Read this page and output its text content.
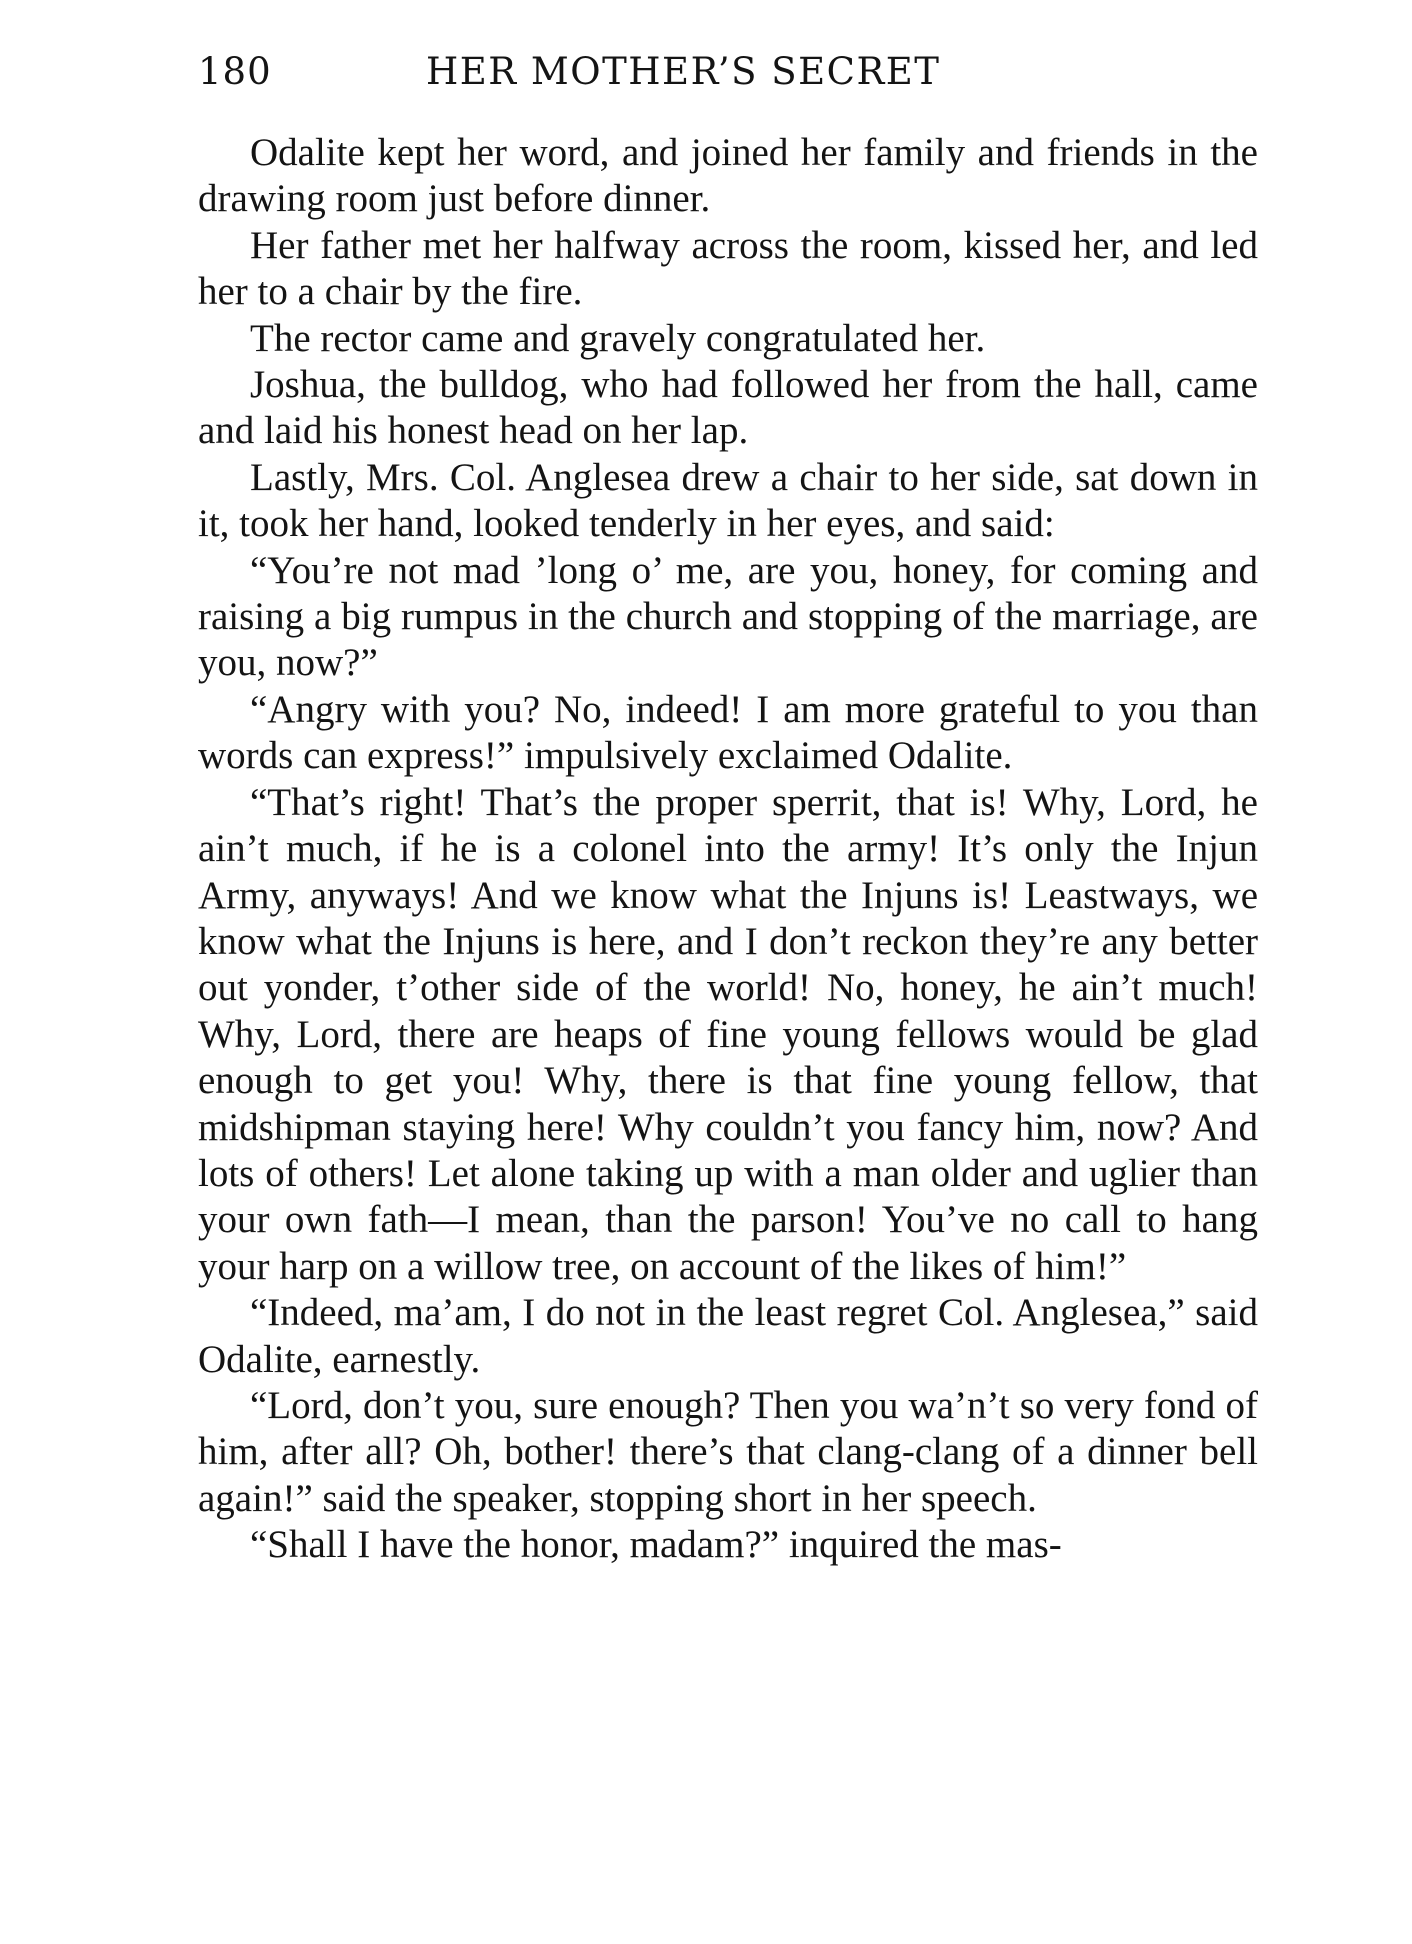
180	HER MOTHER’S SECRET

Odalite kept her word, and joined her family and friends in the drawing room just before dinner.

Her father met her halfway across the room, kissed her, and led her to a chair by the fire.

The rector came and gravely congratulated her.

Joshua, the bulldog, who had followed her from the hall, came and laid his honest head on her lap.

Lastly, Mrs. Col. Anglesea drew a chair to her side, sat down in it, took her hand, looked tenderly in her eyes, and said:

“You’re not mad ’long o’ me, are you, honey, for coming and raising a big rumpus in the church and stopping of the marriage, are you, now?”

“Angry with you? No, indeed! I am more grateful to you than words can express!” impulsively exclaimed Odalite.

“That’s right! That’s the proper sperrit, that is! Why, Lord, he ain’t much, if he is a colonel into the army! It’s only the Injun Army, anyways! And we know what the Injuns is! Leastways, we know what the Injuns is here, and I don’t reckon they’re any better out yonder, t’other side of the world! No, honey, he ain’t much! Why, Lord, there are heaps of fine young fellows would be glad enough to get you! Why, there is that fine young fellow, that midshipman staying here! Why couldn’t you fancy him, now? And lots of others! Let alone taking up with a man older and uglier than your own fath—I mean, than the parson! You’ve no call to hang your harp on a willow tree, on account of the likes of him!”

“Indeed, ma’am, I do not in the least regret Col. Anglesea,” said Odalite, earnestly.

“Lord, don’t you, sure enough? Then you wa’n’t so very fond of him, after all? Oh, bother! there’s that clang-clang of a dinner bell again!” said the speaker, stopping short in her speech.

“Shall I have the honor, madam?” inquired the mas-
